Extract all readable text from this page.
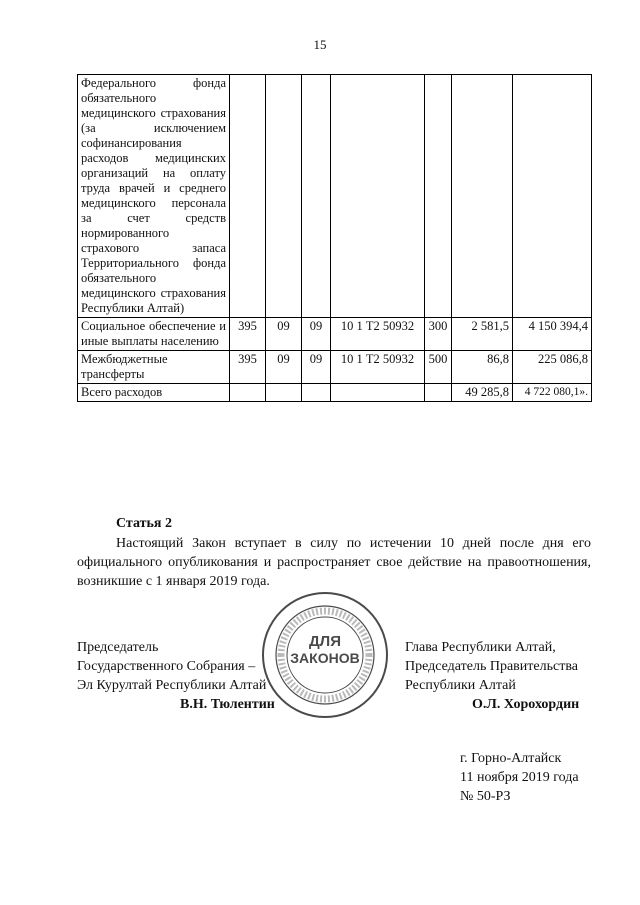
15
Федерального фонда обязательного медицинского страхования (за исключением софинансирования расходов медицинских организаций на оплату труда врачей и среднего медицинского персонала за счет средств нормированного страхового запаса Территориального фонда обязательного медицинского страхования Республики Алтай)							
Социальное обеспечение и иные выплаты населению	395	09	09	10 1 Т2 50932	300	2 581,5	4 150 394,4
Межбюджетные трансферты	395	09	09	10 1 Т2 50932	500	86,8	225 086,8
Всего расходов						49 285,8	4 722 080,1».
Статья 2
Настоящий Закон вступает в силу по истечении 10 дней после дня его официального опубликования и распространяет свое действие на правоотношения, возникшие с 1 января 2019 года.
ДЛЯ
ЗАКОНОВ
Председатель
Государственного Собрания –
Эл Курултай Республики Алтай
В.Н. Тюлентин
Глава Республики Алтай,
Председатель Правительства
Республики Алтай
О.Л. Хорохордин
г. Горно-Алтайск
11 ноября 2019 года
№ 50-РЗ
